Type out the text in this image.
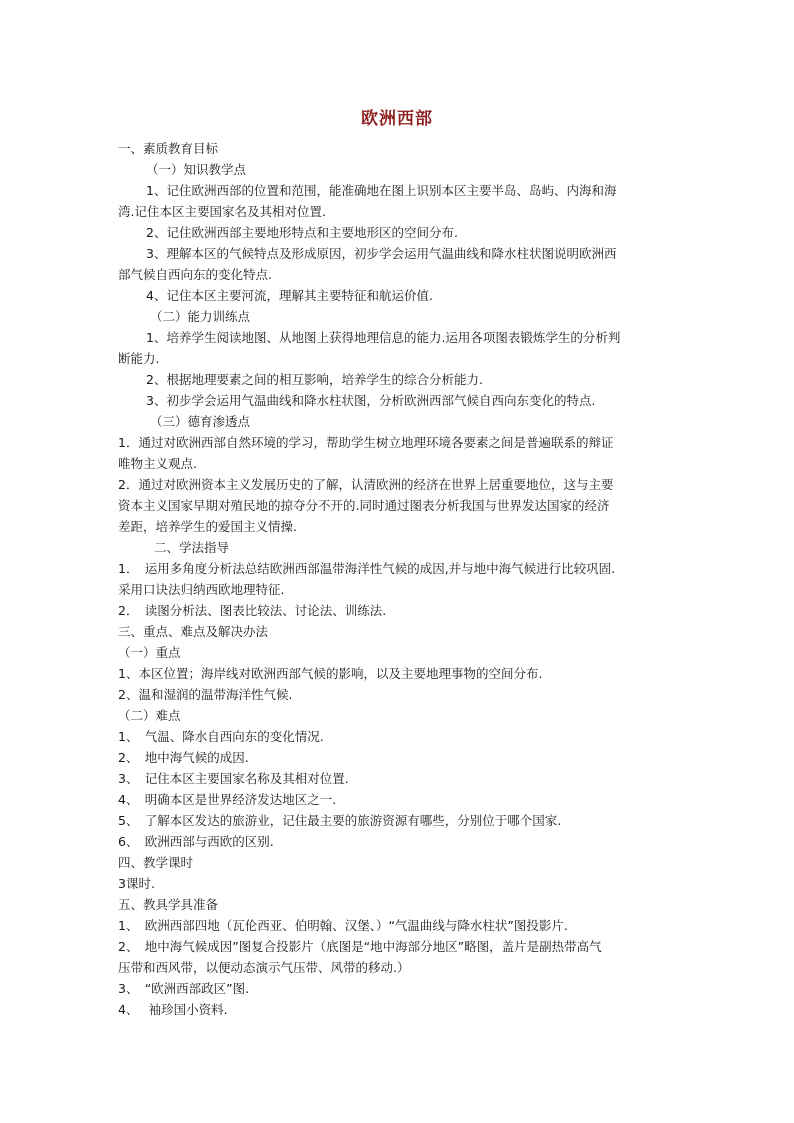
欧洲西部
一、素质教育目标
（一）知识教学点
1、记住欧洲西部的位置和范围，能准确地在图上识别本区主要半岛、岛屿、内海和海
湾.记住本区主要国家名及其相对位置.
2、记住欧洲西部主要地形特点和主要地形区的空间分布.
3、理解本区的气候特点及形成原因，初步学会运用气温曲线和降水柱状图说明欧洲西
部气候自西向东的变化特点.
4、记住本区主要河流，理解其主要特征和航运价值.
（二）能力训练点
1、培养学生阅读地图、从地图上获得地理信息的能力.运用各项图表锻炼学生的分析判
断能力.
2、根据地理要素之间的相互影响，培养学生的综合分析能力.
3、初步学会运用气温曲线和降水柱状图，分析欧洲西部气候自西向东变化的特点.
（三）德育渗透点
1．通过对欧洲西部自然环境的学习，帮助学生树立地理环境各要素之间是普遍联系的辩证
唯物主义观点.
2．通过对欧洲资本主义发展历史的了解，认清欧洲的经济在世界上居重要地位，这与主要
资本主义国家早期对殖民地的掠夺分不开的.同时通过图表分析我国与世界发达国家的经济
差距，培养学生的爱国主义情操.
二、学法指导
1．　运用多角度分析法总结欧洲西部温带海洋性气候的成因,并与地中海气候进行比较巩固.
采用口诀法归纳西欧地理特征.
2．　读图分析法、图表比较法、讨论法、训练法.
三、重点、难点及解决办法
（一）重点
1、本区位置；海岸线对欧洲西部气候的影响，以及主要地理事物的空间分布.
2、温和湿润的温带海洋性气候.
（二）难点
1、　气温、降水自西向东的变化情况.
2、　地中海气候的成因.
3、　记住本区主要国家名称及其相对位置.
4、　明确本区是世界经济发达地区之一.
5、　了解本区发达的旅游业，记住最主要的旅游资源有哪些，分别位于哪个国家.
6、　欧洲西部与西欧的区别.
四、教学课时
3课时.
五、教具学具准备
1、　欧洲西部四地（瓦伦西亚、伯明翰、汉堡、）“气温曲线与降水柱状”图投影片.
2、　地中海气候成因”图复合投影片（底图是“地中海部分地区”略图，盖片是副热带高气
压带和西风带，以便动态演示气压带、风带的移动.）
3、　“欧洲西部政区”图.
4、　 袖珍国小资料.
